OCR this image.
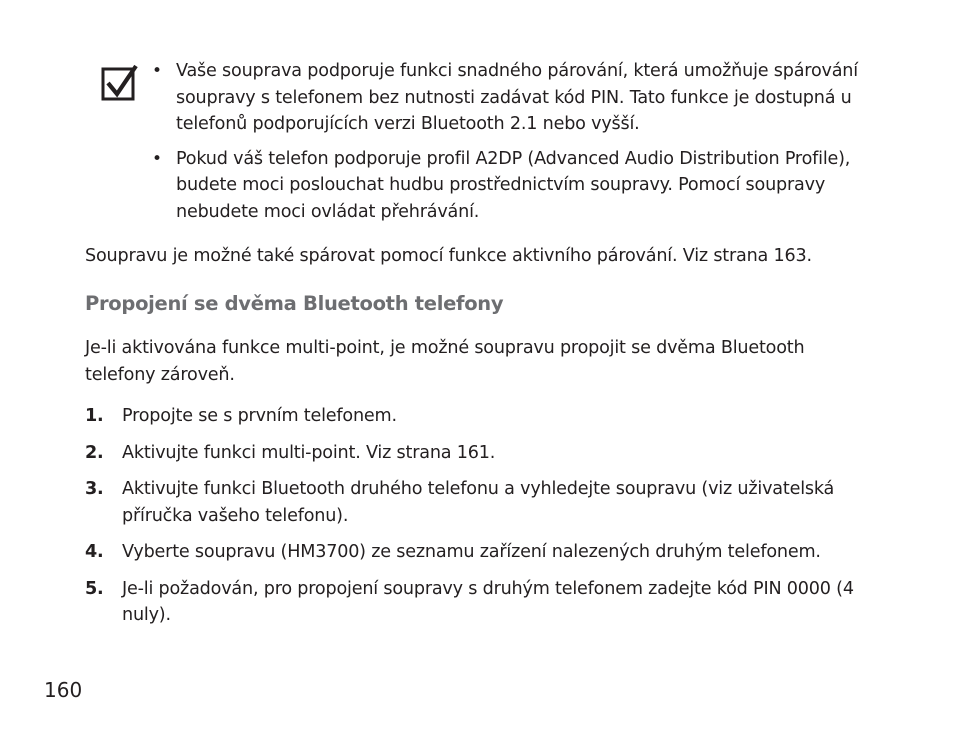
• Vaše souprava podporuje funkci snadného párování, která umožňuje spárování soupravy s telefonem bez nutnosti zadávat kód PIN. Tato funkce je dostupná u telefonů podporujících verzi Bluetooth 2.1 nebo vyšší.
• Pokud váš telefon podporuje profil A2DP (Advanced Audio Distribution Profile), budete moci poslouchat hudbu prostřednictvím soupravy. Pomocí soupravy nebudete moci ovládat přehrávání.

Soupravu je možné také spárovat pomocí funkce aktivního párování. Viz strana 163.

Propojení se dvěma Bluetooth telefony

Je-li aktivována funkce multi-point, je možné soupravu propojit se dvěma Bluetooth telefony zároveň.

1. Propojte se s prvním telefonem.
2. Aktivujte funkci multi-point. Viz strana 161.
3. Aktivujte funkci Bluetooth druhého telefonu a vyhledejte soupravu (viz uživatelská příručka vašeho telefonu).
4. Vyberte soupravu (HM3700) ze seznamu zařízení nalezených druhým telefonem.
5. Je-li požadován, pro propojení soupravy s druhým telefonem zadejte kód PIN 0000 (4 nuly).

160
